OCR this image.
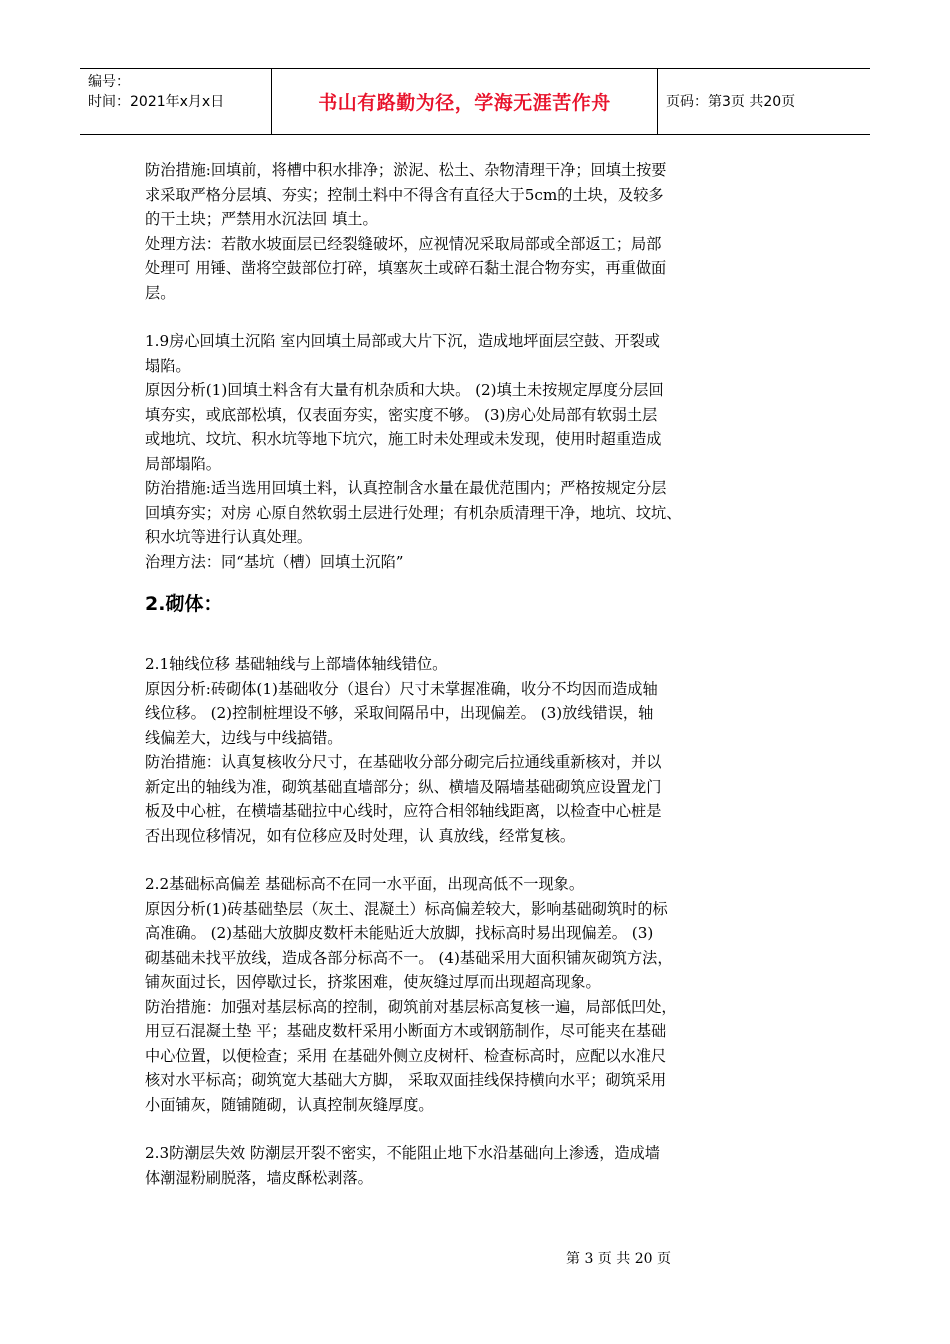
编号：
时间：2021年x月x日	书山有路勤为径，学海无涯苦作舟	页码：第3页 共20页

防治措施:回填前，将槽中积水排净；淤泥、松土、杂物清理干净；回填土按要

求采取严格分层填、夯实；控制土料中不得含有直径大于5cm的土块，及较多

的干土块；严禁用水沉法回 填土。

处理方法：若散水坡面层已经裂缝破坏，应视情况采取局部或全部返工；局部

处理可 用锤、凿将空鼓部位打碎，填塞灰土或碎石黏土混合物夯实，再重做面

层。

1.9房心回填土沉陷 室内回填土局部或大片下沉，造成地坪面层空鼓、开裂或

塌陷。

原因分析(1)回填土料含有大量有机杂质和大块。 (2)填土未按规定厚度分层回

填夯实，或底部松填，仅表面夯实，密实度不够。 (3)房心处局部有软弱土层

或地坑、坟坑、积水坑等地下坑穴，施工时未处理或未发现，使用时超重造成

局部塌陷。

防治措施:适当选用回填土料，认真控制含水量在最优范围内；严格按规定分层

回填夯实；对房 心原自然软弱土层进行处理；有机杂质清理干净，地坑、坟坑、

积水坑等进行认真处理。

治理方法：同“基坑（槽）回填土沉陷”

2.砌体：

2.1轴线位移 基础轴线与上部墙体轴线错位。

原因分析:砖砌体(1)基础收分（退台）尺寸未掌握准确，收分不均因而造成轴

线位移。 (2)控制桩埋设不够，采取间隔吊中，出现偏差。 (3)放线错误，轴

线偏差大，边线与中线搞错。

防治措施：认真复核收分尺寸，在基础收分部分砌完后拉通线重新核对，并以

新定出的轴线为准，砌筑基础直墙部分；纵、横墙及隔墙基础砌筑应设置龙门

板及中心桩，在横墙基础拉中心线时，应符合相邻轴线距离，以检查中心桩是

否出现位移情况，如有位移应及时处理，认 真放线，经常复核。

2.2基础标高偏差 基础标高不在同一水平面，出现高低不一现象。

原因分析(1)砖基础垫层（灰土、混凝土）标高偏差较大，影响基础砌筑时的标

高准确。 (2)基础大放脚皮数杆未能贴近大放脚，找标高时易出现偏差。 (3)

砌基础未找平放线，造成各部分标高不一。 (4)基础采用大面积铺灰砌筑方法，

铺灰面过长，因停歇过长，挤浆困难，使灰缝过厚而出现超高现象。

防治措施：加强对基层标高的控制，砌筑前对基层标高复核一遍，局部低凹处，

用豆石混凝土垫 平；基础皮数杆采用小断面方木或钢筋制作，尽可能夹在基础

中心位置，以便检查；采用 在基础外侧立皮树杆、检查标高时，应配以水准尺

核对水平标高；砌筑宽大基础大方脚， 采取双面挂线保持横向水平；砌筑采用

小面铺灰，随铺随砌，认真控制灰缝厚度。

2.3防潮层失效 防潮层开裂不密实，不能阻止地下水沿基础向上渗透，造成墙

体潮湿粉刷脱落，墙皮酥松剥落。

第 3 页 共 20 页
